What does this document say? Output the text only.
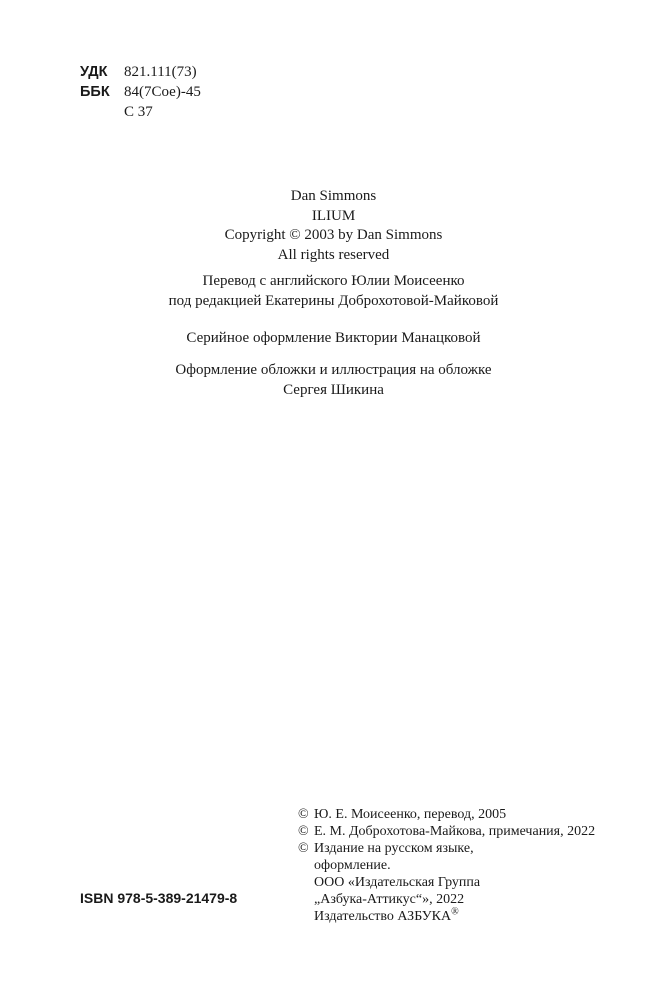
УДК	821.111(73)
ББК 84(7Сое)-45
С 37
Dan Simmons
ILIUM
Copyright © 2003 by Dan Simmons
All rights reserved
Перевод с английского Юлии Моисеенко
под редакцией Екатерины Доброхотовой-Майковой
Серийное оформление Виктории Манацковой
Оформление обложки и иллюстрация на обложке
Сергея Шикина
© Ю. Е. Моисеенко, перевод, 2005
© Е. М. Доброхотова-Майкова, примечания, 2022
© Издание на русском языке,
оформление.
ООО «Издательская Группа
„Азбука-Аттикус“», 2022
Издательство АЗБУКА®
ISBN 978-5-389-21479-8
